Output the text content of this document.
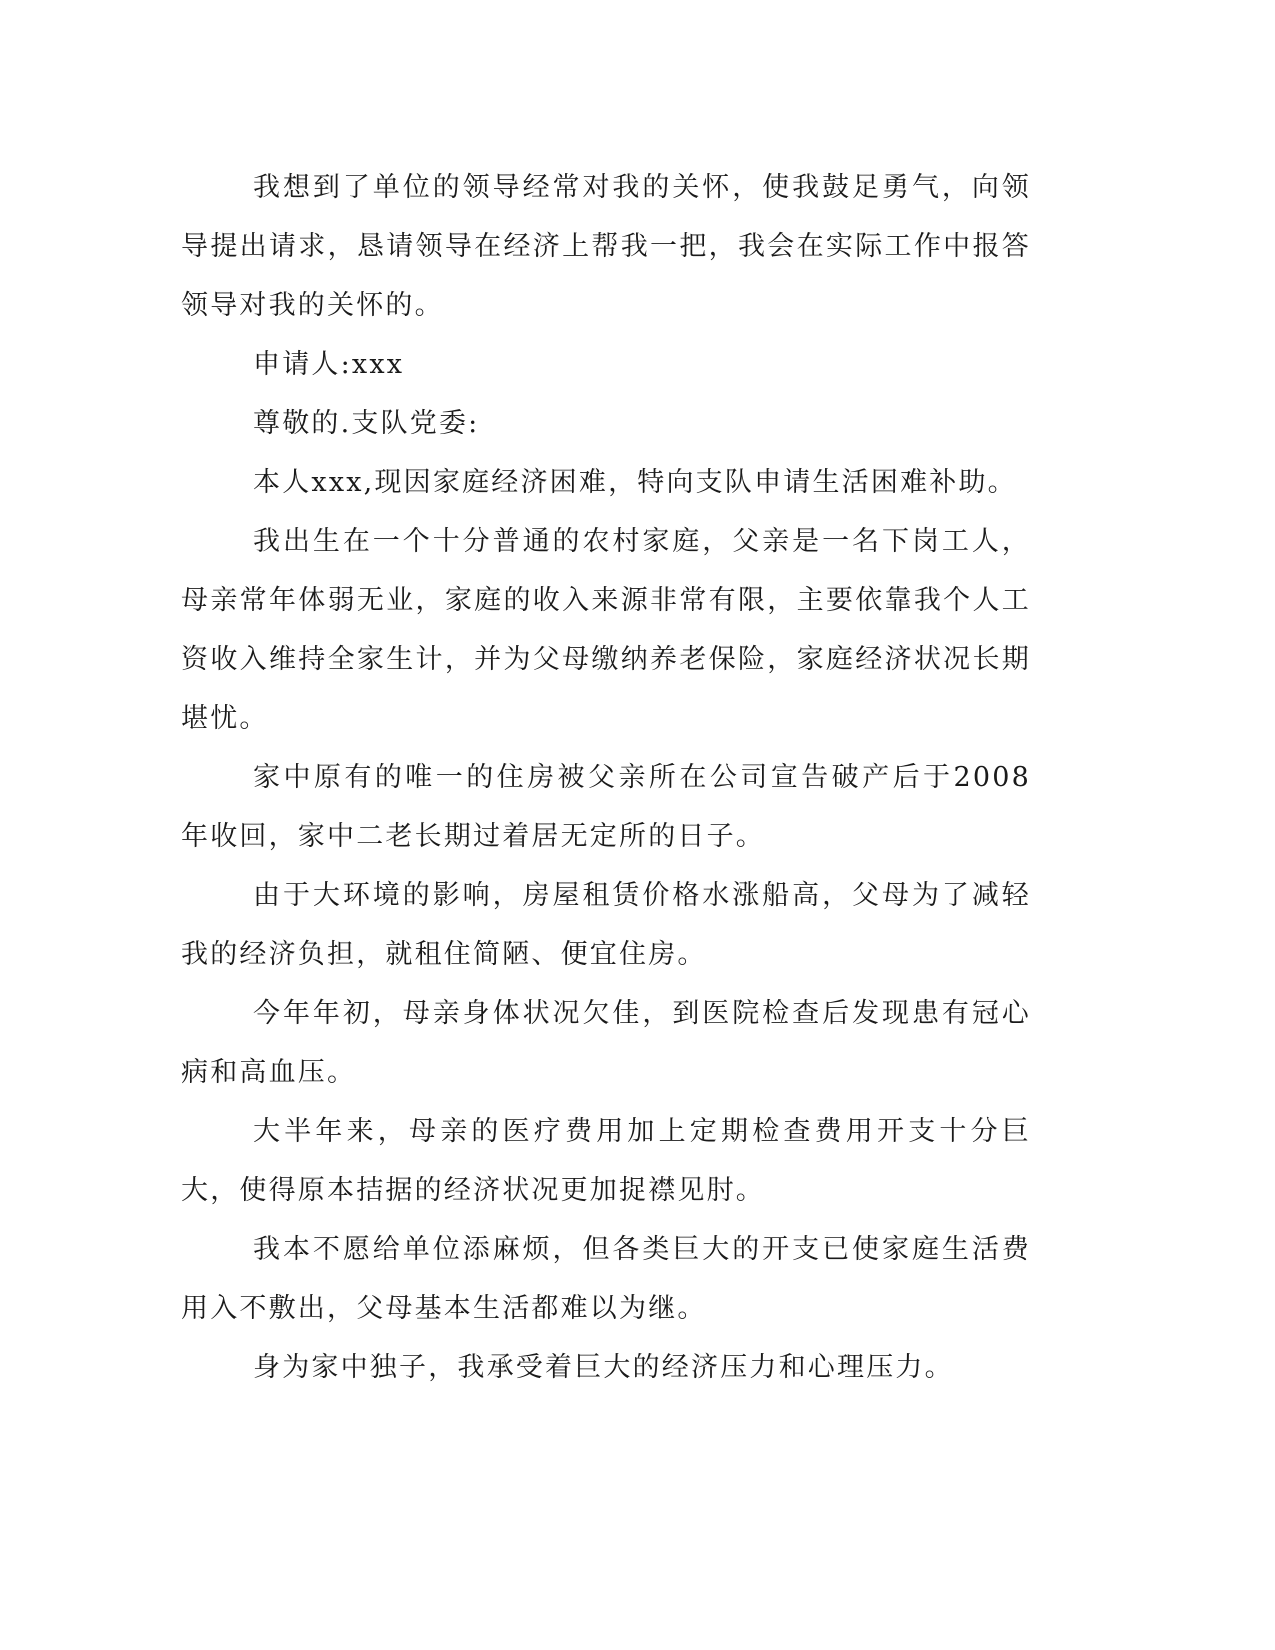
我想到了单位的领导经常对我的关怀，使我鼓足勇气，向领导提出请求，恳请领导在经济上帮我一把，我会在实际工作中报答领导对我的关怀的。

申请人:xxx

尊敬的.支队党委:

本人xxx,现因家庭经济困难，特向支队申请生活困难补助。

我出生在一个十分普通的农村家庭，父亲是一名下岗工人，母亲常年体弱无业，家庭的收入来源非常有限，主要依靠我个人工资收入维持全家生计，并为父母缴纳养老保险，家庭经济状况长期堪忧。

家中原有的唯一的住房被父亲所在公司宣告破产后于2008年收回，家中二老长期过着居无定所的日子。

由于大环境的影响，房屋租赁价格水涨船高，父母为了减轻我的经济负担，就租住简陋、便宜住房。

今年年初，母亲身体状况欠佳，到医院检查后发现患有冠心病和高血压。

大半年来，母亲的医疗费用加上定期检查费用开支十分巨大，使得原本拮据的经济状况更加捉襟见肘。

我本不愿给单位添麻烦，但各类巨大的开支已使家庭生活费用入不敷出，父母基本生活都难以为继。

身为家中独子，我承受着巨大的经济压力和心理压力。
